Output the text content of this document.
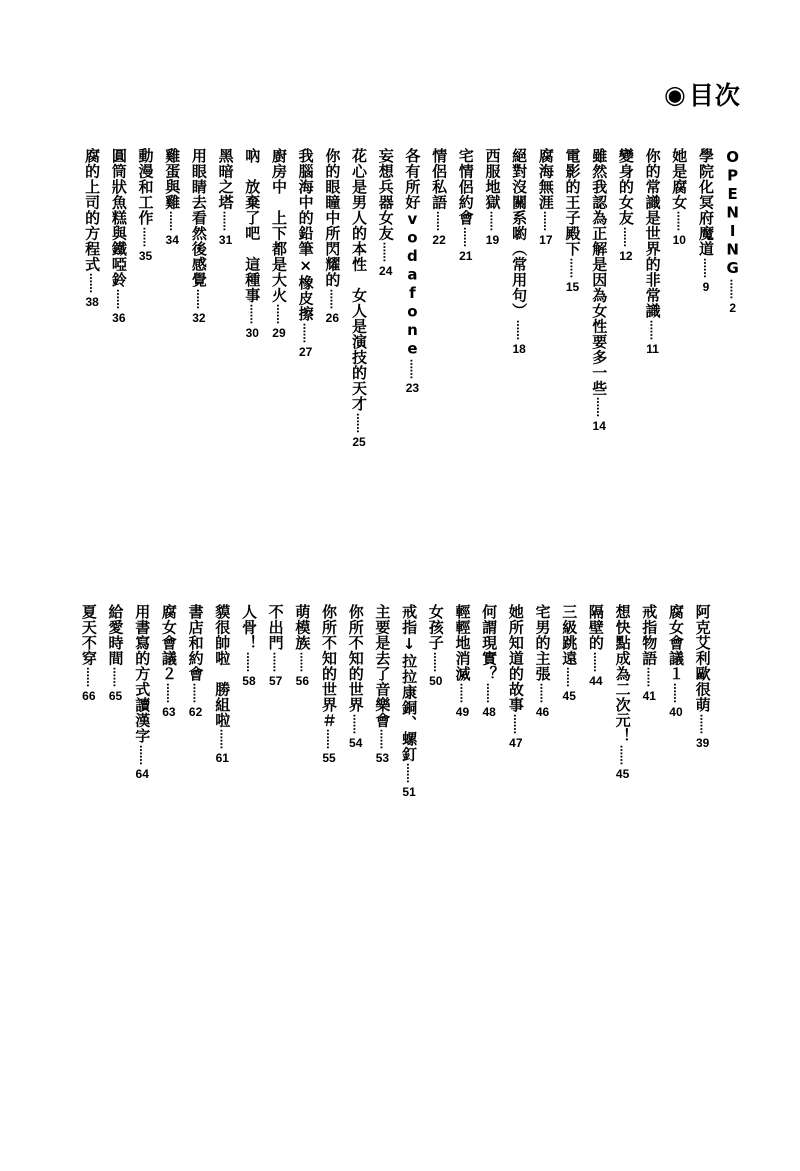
◉ 目次
OPENING
……
2
學院化冥府魔道
……
9
她是腐女
……
10
你的常識是世界的非常識
……
11
變身的女友
……
12
雖然我認為正解是因為女性要多一些
……
14
電影的王子殿下
……
15
腐海無涯
……
17
絕對沒關系喲（常用句）
……
18
西服地獄
……
19
宅情侶約會
……
21
情侶私語
……
22
各有所好vodafone
……
23
妄想兵器女友
……
24
花心是男人的本性　女人是演技的天才
……
25
你的眼瞳中所閃耀的
……
26
我腦海中的鉛筆×橡皮擦
……
27
廚房中　上下都是大火
……
29
吶　放棄了吧　這種事
……
30
黑暗之塔
……
31
用眼睛去看然後感覺
……
32
雞蛋與雞
……
34
動漫和工作
……
35
圓筒狀魚糕與鐵啞鈴
……
36
腐的上司的方程式
……
38
阿克艾利歐很萌
……
39
腐女會議１
……
40
戒指物語
……
41
想快點成為二次元！
……
45
隔壁的
……
44
三級跳遠
……
45
宅男的主張
……
46
她所知道的故事
……
47
何謂現實？
……
48
輕輕地消滅
……
49
女孩子
……
50
戒指↓拉拉康銅、螺釘
……
51
主要是去了音樂會
……
53
你所不知的世界
……
54
你所不知的世界＃
……
55
萌模族
……
56
不出門
……
57
人骨！
……
58
貘很帥啦　勝組啦
……
61
書店和約會
……
62
腐女會議２
……
63
用書寫的方式讀漢字
……
64
給愛時間
……
65
夏天不穿
……
66
